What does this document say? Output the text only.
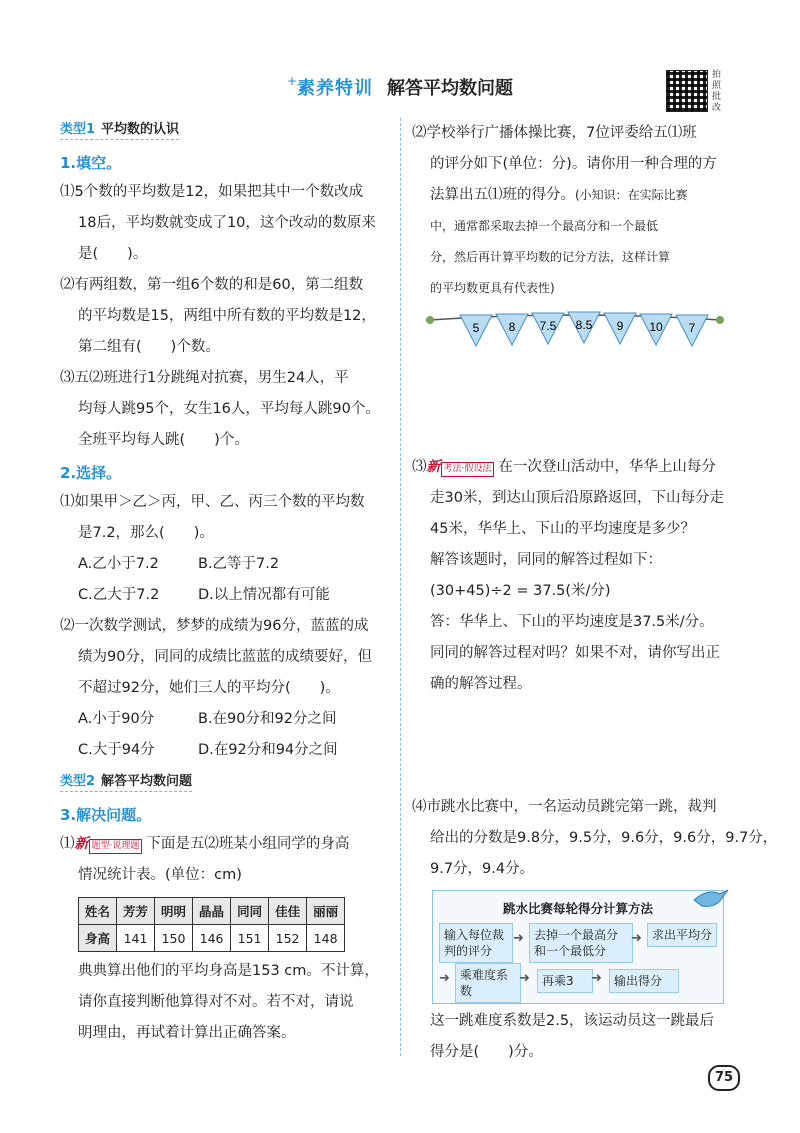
+素养特训 解答平均数问题
拍照批改
类型1 平均数的认识
1.填空。
⑴5个数的平均数是12，如果把其中一个数改成
18后，平均数就变成了10，这个改动的数原来
是(　　)。
⑵有两组数，第一组6个数的和是60，第二组数
的平均数是15，两组中所有数的平均数是12，
第二组有(　　)个数。
⑶五⑵班进行1分跳绳对抗赛，男生24人，平
均每人跳95个，女生16人，平均每人跳90个。
全班平均每人跳(　　)个。
2.选择。
⑴如果甲＞乙＞丙，甲、乙、丙三个数的平均数
是7.2，那么(　　)。
A.乙小于7.2	B.乙等于7.2
C.乙大于7.2	D.以上情况都有可能
⑵一次数学测试，梦梦的成绩为96分，蓝蓝的成
绩为90分，同同的成绩比蓝蓝的成绩要好，但
不超过92分，她们三人的平均分(　　)。
A.小于90分	B.在90分和92分之间
C.大于94分	D.在92分和94分之间
类型2 解答平均数问题
3.解决问题。
⑴新 题型·说理题 下面是五⑵班某小组同学的身高
情况统计表。(单位：cm)
姓名	芳芳	明明	晶晶	同同	佳佳	丽丽
身高	141	150	146	151	152	148
典典算出他们的平均身高是153 cm。不计算，
请你直接判断他算得对不对。若不对，请说
明理由，再试着计算出正确答案。
⑵学校举行广播体操比赛，7位评委给五⑴班
的评分如下(单位：分)。请你用一种合理的方
法算出五⑴班的得分。(小知识：在实际比赛
中，通常都采取去掉一个最高分和一个最低
分，然后再计算平均数的记分方法，这样计算
的平均数更具有代表性)
5 8 7.5 8.5 9 10 7
⑶新 考法·假设法 在一次登山活动中，华华上山每分
走30米，到达山顶后沿原路返回，下山每分走
45米，华华上、下山的平均速度是多少？
解答该题时，同同的解答过程如下：
(30+45)÷2 = 37.5(米/分)
答：华华上、下山的平均速度是37.5米/分。
同同的解答过程对吗？如果不对，请你写出正
确的解答过程。
⑷市跳水比赛中，一名运动员跳完第一跳，裁判
给出的分数是9.8分，9.5分，9.6分，9.6分，9.7分，
9.7分，9.4分。
跳水比赛每轮得分计算方法
输入每位裁判的评分
➜ 去掉一个最高分和一个最低分
➜ 求出平均分
➜ 乘难度系数
➜	再乘3	➜	输出得分
这一跳难度系数是2.5，该运动员这一跳最后
得分是(　　)分。
75
